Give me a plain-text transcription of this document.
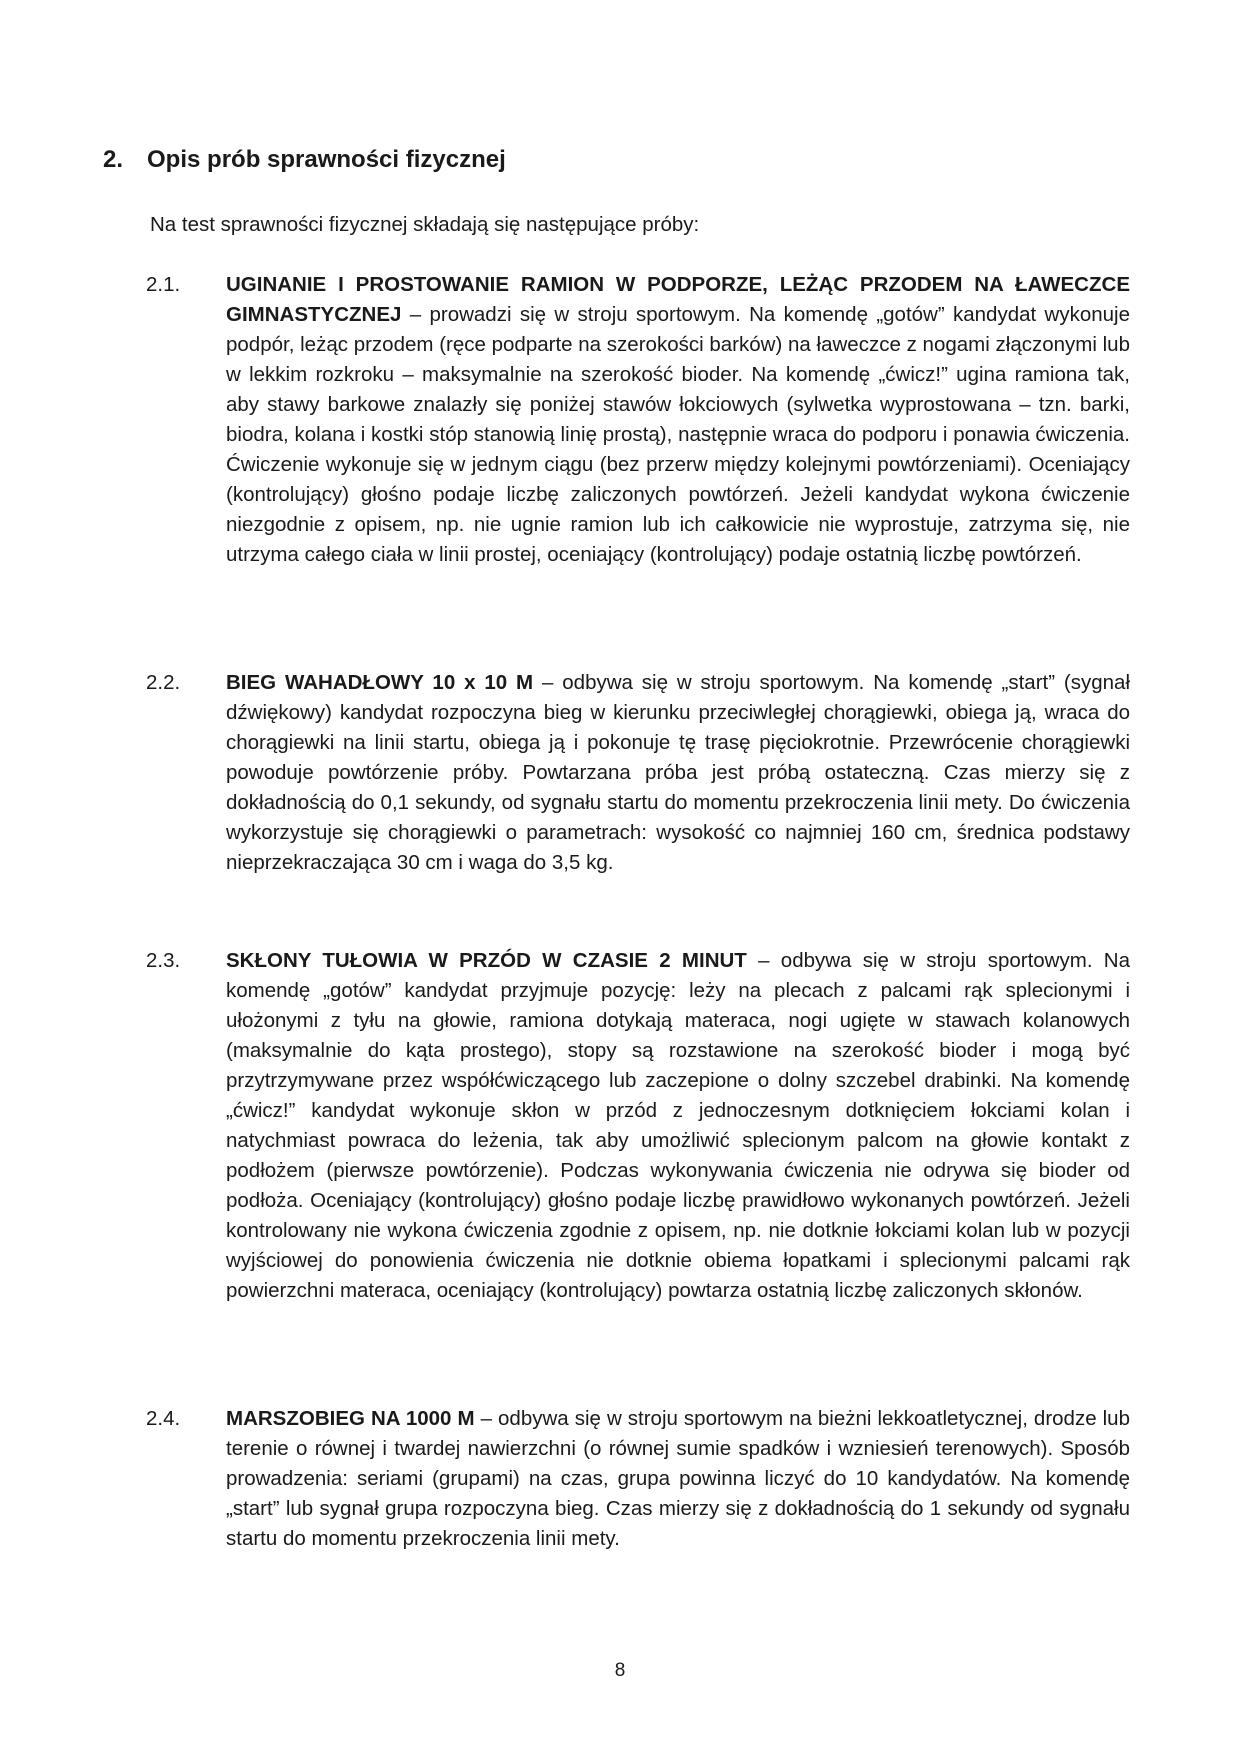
2. Opis prób sprawności fizycznej

Na test sprawności fizycznej składają się następujące próby:

2.1. UGINANIE I PROSTOWANIE RAMION W PODPORZE, LEŻĄC PRZODEM NA ŁAWECZCE GIMNASTYCZNEJ – prowadzi się w stroju sportowym. Na komendę „gotów” kandydat wykonuje podpór, leżąc przodem (ręce podparte na szerokości barków) na ławeczce z nogami złączonymi lub w lekkim rozkroku – maksymalnie na szerokość bioder. Na komendę „ćwicz!” ugina ramiona tak, aby stawy barkowe znalazły się poniżej stawów łokciowych (sylwetka wyprostowana – tzn. barki, biodra, kolana i kostki stóp stanowią linię prostą), następnie wraca do podporu i ponawia ćwiczenia. Ćwiczenie wykonuje się w jednym ciągu (bez przerw między kolejnymi powtórzeniami). Oceniający (kontrolujący) głośno podaje liczbę zaliczonych powtórzeń. Jeżeli kandydat wykona ćwiczenie niezgodnie z opisem, np. nie ugnie ramion lub ich całkowicie nie wyprostuje, zatrzyma się, nie utrzyma całego ciała w linii prostej, oceniający (kontrolujący) podaje ostatnią liczbę powtórzeń.

2.2. BIEG WAHADŁOWY 10 x 10 M – odbywa się w stroju sportowym. Na komendę „start” (sygnał dźwiękowy) kandydat rozpoczyna bieg w kierunku przeciwległej chorągiewki, obiega ją, wraca do chorągiewki na linii startu, obiega ją i pokonuje tę trasę pięciokrotnie. Przewrócenie chorągiewki powoduje powtórzenie próby. Powtarzana próba jest próbą ostateczną. Czas mierzy się z dokładnością do 0,1 sekundy, od sygnału startu do momentu przekroczenia linii mety. Do ćwiczenia wykorzystuje się chorągiewki o parametrach: wysokość co najmniej 160 cm, średnica podstawy nieprzekraczająca 30 cm i waga do 3,5 kg.

2.3. SKŁONY TUŁOWIA W PRZÓD W CZASIE 2 MINUT – odbywa się w stroju sportowym. Na komendę „gotów” kandydat przyjmuje pozycję: leży na plecach z palcami rąk splecionymi i ułożonymi z tyłu na głowie, ramiona dotykają materaca, nogi ugięte w stawach kolanowych (maksymalnie do kąta prostego), stopy są rozstawione na szerokość bioder i mogą być przytrzymywane przez współćwiczącego lub zaczepione o dolny szczebel drabinki. Na komendę „ćwicz!” kandydat wykonuje skłon w przód z jednoczesnym dotknięciem łokciami kolan i natychmiast powraca do leżenia, tak aby umożliwić splecionym palcom na głowie kontakt z podłożem (pierwsze powtórzenie). Podczas wykonywania ćwiczenia nie odrywa się bioder od podłoża. Oceniający (kontrolujący) głośno podaje liczbę prawidłowo wykonanych powtórzeń. Jeżeli kontrolowany nie wykona ćwiczenia zgodnie z opisem, np. nie dotknie łokciami kolan lub w pozycji wyjściowej do ponowienia ćwiczenia nie dotknie obiema łopatkami i splecionymi palcami rąk powierzchni materaca, oceniający (kontrolujący) powtarza ostatnią liczbę zaliczonych skłonów.

2.4. MARSZOBIEG NA 1000 M – odbywa się w stroju sportowym na bieżni lekkoatletycznej, drodze lub terenie o równej i twardej nawierzchni (o równej sumie spadków i wzniesień terenowych). Sposób prowadzenia: seriami (grupami) na czas, grupa powinna liczyć do 10 kandydatów. Na komendę „start” lub sygnał grupa rozpoczyna bieg. Czas mierzy się z dokładnością do 1 sekundy od sygnału startu do momentu przekroczenia linii mety.

8
